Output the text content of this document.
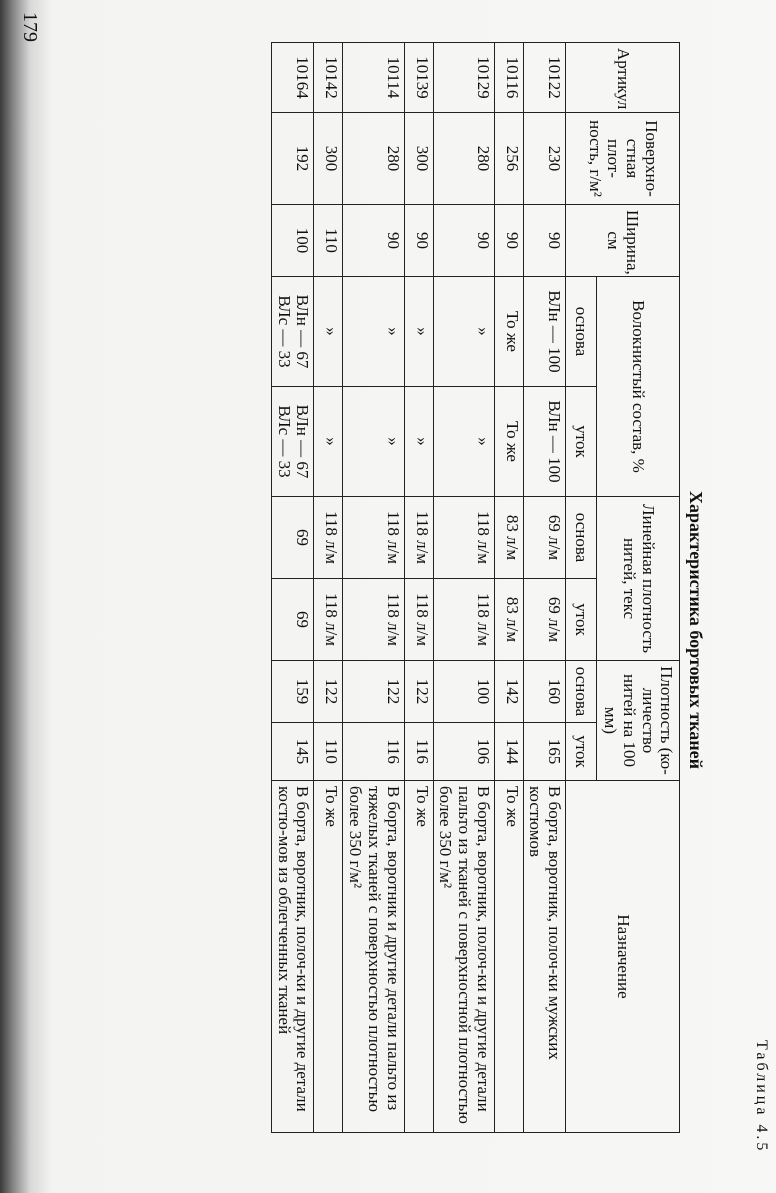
Таблица 4.5
Характеристика бортовых тканей
Артикул	Поверхно-стная плот-ность, г/м²	Ширина, см	Волокнистый состав, %		Линейная плотность нитей, текс		Плотность (ко-личество нитей на 100 мм)		Назначение
			основа	уток	основа	уток	основа	уток	
10122	230	90	ВЛн — 100	ВЛн — 100	69 л/м	69 л/м	160	165	В борта, воротник, полоч-ки мужских костюмов
10116	256	90	То же	То же	83 л/м	83 л/м	142	144	То же
10129	280	90	»	»	118 л/м	118 л/м	100	106	В борта, воротник, полоч-ки и другие детали пальто из тканей с поверхностной плотностью более 350 г/м²
10139	300	90	»	»	118 л/м	118 л/м	122	116	То же
10114	280	90	»	»	118 л/м	118 л/м	122	116	В борта, воротник и другие детали пальто из тяжелых тканей с поверхностью плотностью более 350 г/м²
10142	300	110	»	»	118 л/м	118 л/м	122	110	То же
10164	192	100	ВЛн — 67 ВЛс — 33	ВЛн — 67 ВЛс — 33	69	69	159	145	В борта, воротник, полоч-ки и другие детали костю-мов из облегченных тканей
179
